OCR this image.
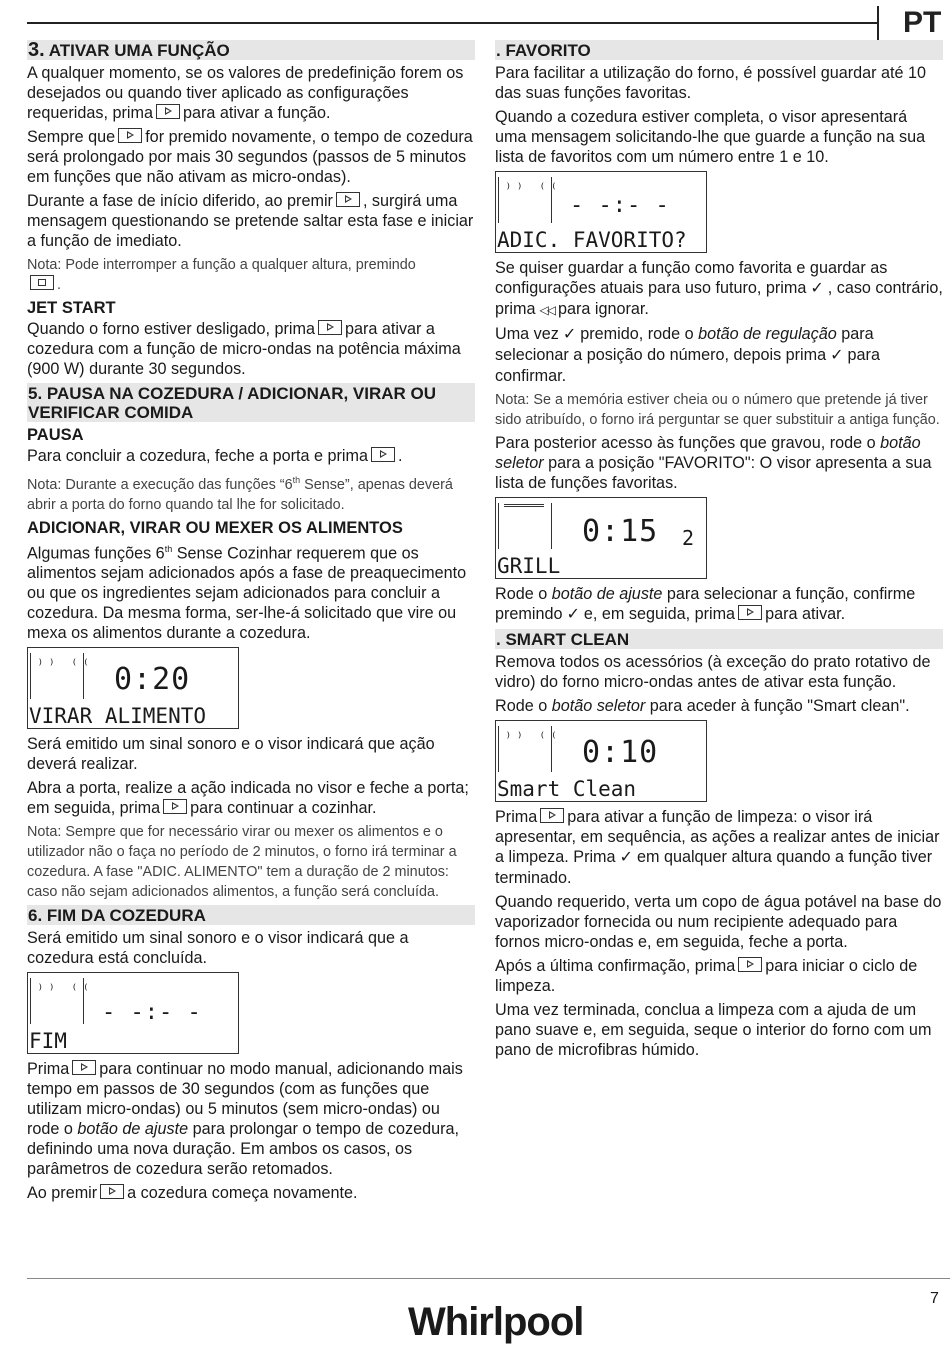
PT
3. ATIVAR UMA FUNÇÃO

A qualquer momento, se os valores de predefinição forem os desejados ou quando tiver aplicado as configurações requeridas, prima para ativar a função.

Sempre que for premido novamente, o tempo de cozedura será prolongado por mais 30 segundos (passos de 5 minutos em funções que não ativam as micro-ondas).

Durante a fase de início diferido, ao premir , surgirá uma mensagem questionando se pretende saltar esta fase e iniciar a função de imediato.

Nota: Pode interromper a função a qualquer altura, premindo

.

JET START

Quando o forno estiver desligado, prima para ativar a cozedura com a função de micro-ondas na potência máxima (900 W) durante 30 segundos.

5. PAUSA NA COZEDURA / ADICIONAR, VIRAR OU VERIFICAR COMIDA
PAUSA

Para concluir a cozedura, feche a porta e prima .

Nota: Durante a execução das funções “6th Sense”, apenas deverá abrir a porta do forno quando tal lhe for solicitado.

ADICIONAR, VIRAR OU MEXER OS ALIMENTOS

Algumas funções 6th Sense Cozinhar requerem que os alimentos sejam adicionados após a fase de preaquecimento ou que os ingredientes sejam adicionados para concluir a cozedura. Da mesma forma, ser-lhe-á solicitado que vire ou mexa os alimentos durante a cozedura.

⁾⁾ ⁽⁽ 0:20
VIRAR ALIMENTO

Será emitido um sinal sonoro e o visor indicará que ação deverá realizar.

Abra a porta, realize a ação indicada no visor e feche a porta; em seguida, prima para continuar a cozinhar.

Nota: Sempre que for necessário virar ou mexer os alimentos e o utilizador não o faça no período de 2 minutos, o forno irá terminar a cozedura. A fase "ADIC. ALIMENTO" tem a duração de 2 minutos: caso não sejam adicionados alimentos, a função será concluída.

6. FIM DA COZEDURA

Será emitido um sinal sonoro e o visor indicará que a cozedura está concluída.

⁾⁾ ⁽⁽
- -:- -
FIM

Prima para continuar no modo manual, adicionando mais tempo em passos de 30 segundos (com as funções que utilizam micro-ondas) ou 5 minutos (sem micro-ondas) ou rode o botão de ajuste para prolongar o tempo de cozedura, definindo uma nova duração. Em ambos os casos, os parâmetros de cozedura serão retomados.

Ao premir a cozedura começa novamente.

. FAVORITO

Para facilitar a utilização do forno, é possível guardar até 10 das suas funções favoritas.

Quando a cozedura estiver completa, o visor apresentará uma mensagem solicitando-lhe que guarde a função na sua lista de favoritos com um número entre 1 e 10.

⁾⁾ ⁽⁽
- -:- -
ADIC. FAVORITO?

Se quiser guardar a função como favorita e guardar as configurações atuais para uso futuro, prima ✓ , caso contrário, prima ◁◁ para ignorar.

Uma vez ✓ premido, rode o botão de regulação para selecionar a posição do número, depois prima ✓ para confirmar.

Nota: Se a memória estiver cheia ou o número que pretende já tiver sido atribuído, o forno irá perguntar se quer substituir a antiga função.

Para posterior acesso às funções que gravou, rode o botão seletor para a posição "FAVORITO": O visor apresenta a sua lista de funções favoritas.

0:15 2
GRILL

Rode o botão de ajuste para selecionar a função, confirme premindo ✓ e, em seguida, prima para ativar.

. SMART CLEAN

Remova todos os acessórios (à exceção do prato rotativo de vidro) do forno micro-ondas antes de ativar esta função.

Rode o botão seletor para aceder à função "Smart clean".

⁾⁾ ⁽⁽ 0:10
Smart Clean

Prima para ativar a função de limpeza: o visor irá apresentar, em sequência, as ações a realizar antes de iniciar a limpeza. Prima ✓ em qualquer altura quando a função tiver terminado.

Quando requerido, verta um copo de água potável na base do vaporizador fornecida ou num recipiente adequado para fornos micro-ondas e, em seguida, feche a porta.

Após a última confirmação, prima para iniciar o ciclo de limpeza.

Uma vez terminada, conclua a limpeza com a ajuda de um pano suave e, em seguida, seque o interior do forno com um pano de microfibras húmido.

7
Whirlpool
